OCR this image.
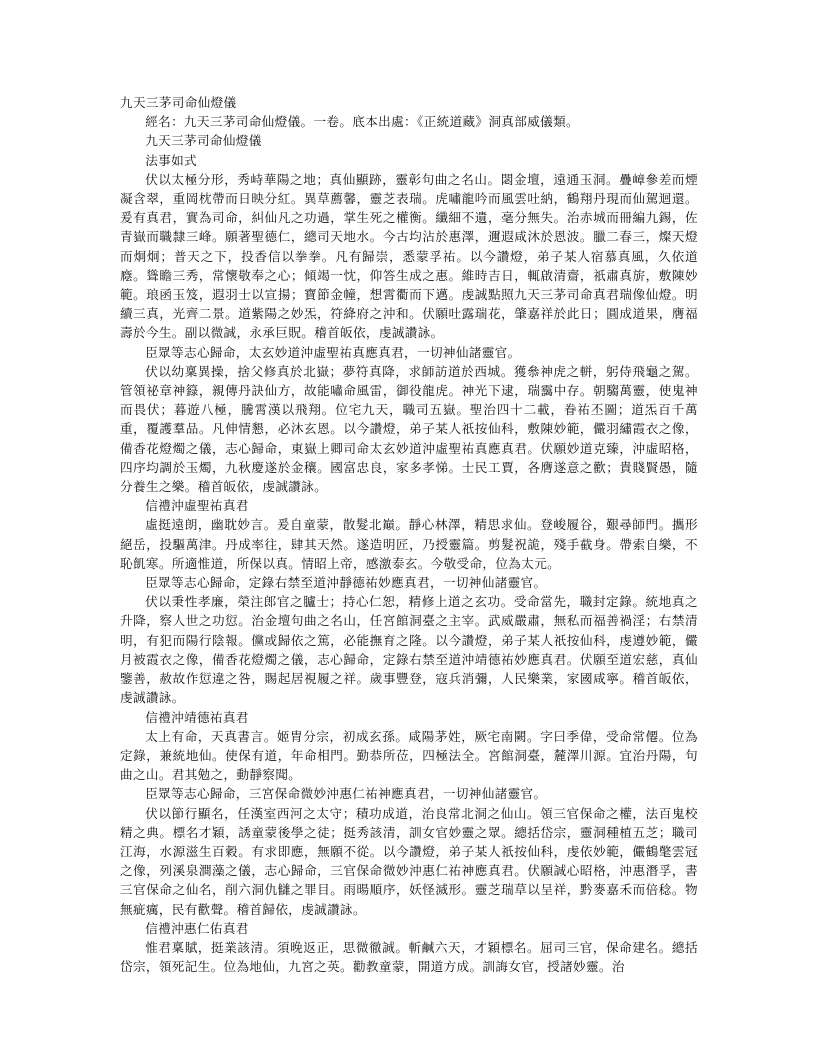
九天三茅司命仙燈儀

經名：九天三茅司命仙燈儀。一卷。底本出處：《正統道藏》洞真部威儀類。

九天三茅司命仙燈儀

法事如式

伏以太極分形，秀峙華陽之地；真仙顯跡，靈彰句曲之名山。閟金壇，遠通玉洞。疊嶂參差而煙凝含翠，重岡枕帶而日映分紅。異草薦馨，靈芝表瑞。虎嘯龍吟而風雲吐納，鶴翔丹現而仙駕迴還。爰有真君，實為司命，糾仙凡之功過，掌生死之權衡。纖細不遺，毫分無失。治赤城而冊編九錫，佐青嶽而職隸三峰。願著聖德仁，總司天地水。今古均沾於惠澤，邇遐咸沐於恩波。臘二春三，燦天燈而炯炯；普天之下，投香信以拳拳。凡有歸崇，悉蒙孚祐。以今讚燈，弟子某人宿慕真風，久依道廕。聳瞻三秀，常懷敬奉之心；傾竭一忱，仰答生成之惠。維時吉日，輒啟清齋，祇肅真旂，敷陳妙範。琅函玉笈，遐羽士以宣揚；寶節金幢，想霄衢而下邁。虔誠點照九天三茅司命真君瑞像仙燈。明續三真，光齊二景。道紫陽之妙炁，符絳府之沖和。伏願吐露瑞花，肇嘉祥於此日；圓成道果，膺福壽於今生。副以微誠，永承巨貺。稽首皈依，虔誠讚詠。

臣眾等志心歸命，太玄妙道沖虛聖祐真應真君，一切神仙諸靈官。

伏以幼稟異操，捨父修真於北嶽；夢符真降，求師訪道於西城。獲叅神虎之軿，躬侍飛龜之駕。管領祕章神籙，親傳丹訣仙方，故能嘯命風雷，御役龍虎。神光下逮，瑞靄中存。朝騶萬靈，使鬼神而畏伏；暮遊八極，騰霄漢以飛翔。位宅九天，職司五嶽。聖治四十二載，眷祐丕圖；道炁百千萬重，覆護羣品。凡伸情懇，必沐玄恩。以今讚燈，弟子某人祇按仙科，敷陳妙範，儼羽繡霞衣之像，備香花燈燭之儀，志心歸命，東嶽上卿司命太玄妙道沖虛聖祐真應真君。伏願妙道克臻，沖虛昭格，四序均調於玉燭，九秋慶遂於金穰。國富忠良，家多孝悌。士民工賈，各膺遂意之歡；貴賤賢愚，隨分養生之樂。稽首皈依，虔誠讚詠。

信禮沖虛聖祐真君

虛挺遠朗，幽耽妙言。爰自童蒙，散髮北巔。靜心林澤，精思求仙。登峻履谷，艱尋師門。攜形絕岳，投驅萬津。丹成率往，肆其天然。遂造明匠，乃授靈篇。剪髮祝詭，殘手截身。帶索自樂，不恥飢寒。所適惟道，所保以真。情昭上帝，感激泰玄。今敬受命，位為太元。

臣眾等志心歸命，定錄右禁至道沖靜德祐妙應真君，一切神仙諸靈官。

伏以秉性孝廉，榮注郎官之臚士；持心仁恕，精修上道之玄功。受命當先，職封定錄。統地真之升降，察人世之功愆。治金壇句曲之名山，任宮館洞臺之主宰。武威嚴肅，無私而福善禍淫；右禁清明，有犯而陽行陰報。儻或歸依之篤，必能撫育之隆。以今讚燈，弟子某人祇按仙科，虔遵妙範，儼月被霞衣之像，備香花燈燭之儀，志心歸命，定錄右禁至道沖靖德祐妙應真君。伏願至道宏慈，真仙鑒善，赦故作愆違之咎，賜起居視履之祥。歲事豐登，寇兵消彌，人民樂業，家國咸寧。稽首皈依，虔誠讚詠。

信禮沖靖德祐真君

太上有命，天真書言。姬胄分宗，初成玄孫。咸陽茅姓，厥宅南闕。字曰季偉，受命常僊。位為定錄，兼統地仙。使保有道，年命相門。勤恭所莅，四極法全。宮館洞臺，麓澤川源。宜治丹陽，句曲之山。君其勉之，動靜察聞。

臣眾等志心歸命，三宮保命微妙沖惠仁祐神應真君，一切神仙諸靈官。

伏以節行顯名，任漢室西河之太守；積功成道，治良常北洞之仙山。領三官保命之權，法百鬼校精之典。標名才穎，誘童蒙後學之徒；挺秀該清，訓女官妙靈之眾。總括岱宗，靈洞種植五芝；職司江海，水源滋生百穀。有求即應，無願不從。以今讚燈，弟子某人祇按仙科，虔依妙範，儼鶴氅雲冠之像，列溪泉澗藻之儀，志心歸命，三官保命微妙沖惠仁祐神應真君。伏願誠心昭格，沖惠潛孚，書三官保命之仙名，削六洞仇讎之罪目。雨暘順序，妖怪滅形。靈芝瑞草以呈祥，黔麥嘉禾而倍稔。物無疵癘，民有歡聲。稽首歸依，虔誠讚詠。

信禮沖惠仁佑真君

惟君稟賦，挺業該清。須晚返正，思微徹誠。斬鹹六天，才穎標名。屈司三官，保命建名。總括岱宗，領死記生。位為地仙，九宮之英。勸教童蒙，開道方成。訓誨女官，授諸妙靈。治
